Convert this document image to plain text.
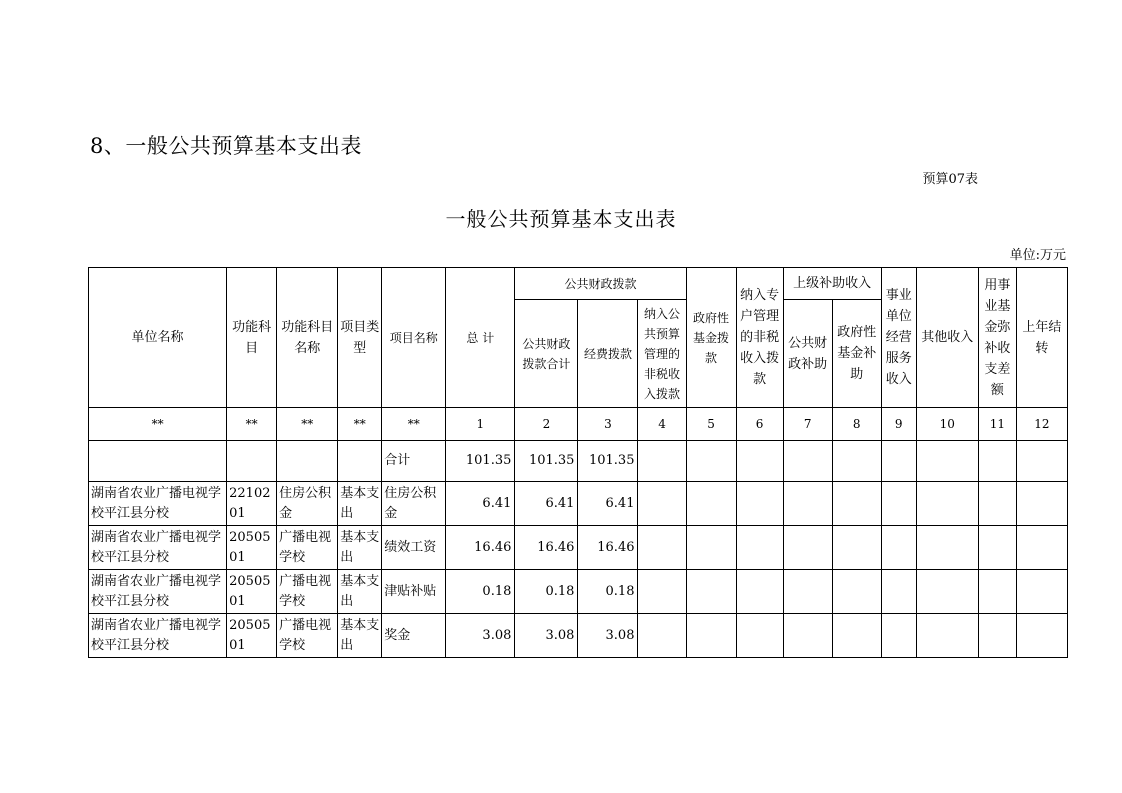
8、一般公共预算基本支出表
预算07表
一般公共预算基本支出表
单位:万元
单位名称	功能科目	功能科目名称	项目类型	项目名称	总 计	公共财政拨款			政府性基金拨款	纳入专户管理的非税收入拨款	上级补助收入		事业单位经营服务收入	其他收入	用事业基金弥补收支差额	上年结转
						公共财政拨款合计	经费拨款	纳入公共预算管理的非税收入拨款			公共财政补助	政府性基金补助				
**	**	**	**	**	1	2	3	4	5	6	7	8	9	10	11	12
				合计	101.35	101.35	101.35									
湖南省农业广播电视学校平江县分校	2210201	住房公积金	基本支出	住房公积金	6.41	6.41	6.41									
湖南省农业广播电视学校平江县分校	2050501	广播电视学校	基本支出	绩效工资	16.46	16.46	16.46									
湖南省农业广播电视学校平江县分校	2050501	广播电视学校	基本支出	津贴补贴	0.18	0.18	0.18									
湖南省农业广播电视学校平江县分校	2050501	广播电视学校	基本支出	奖金	3.08	3.08	3.08									
